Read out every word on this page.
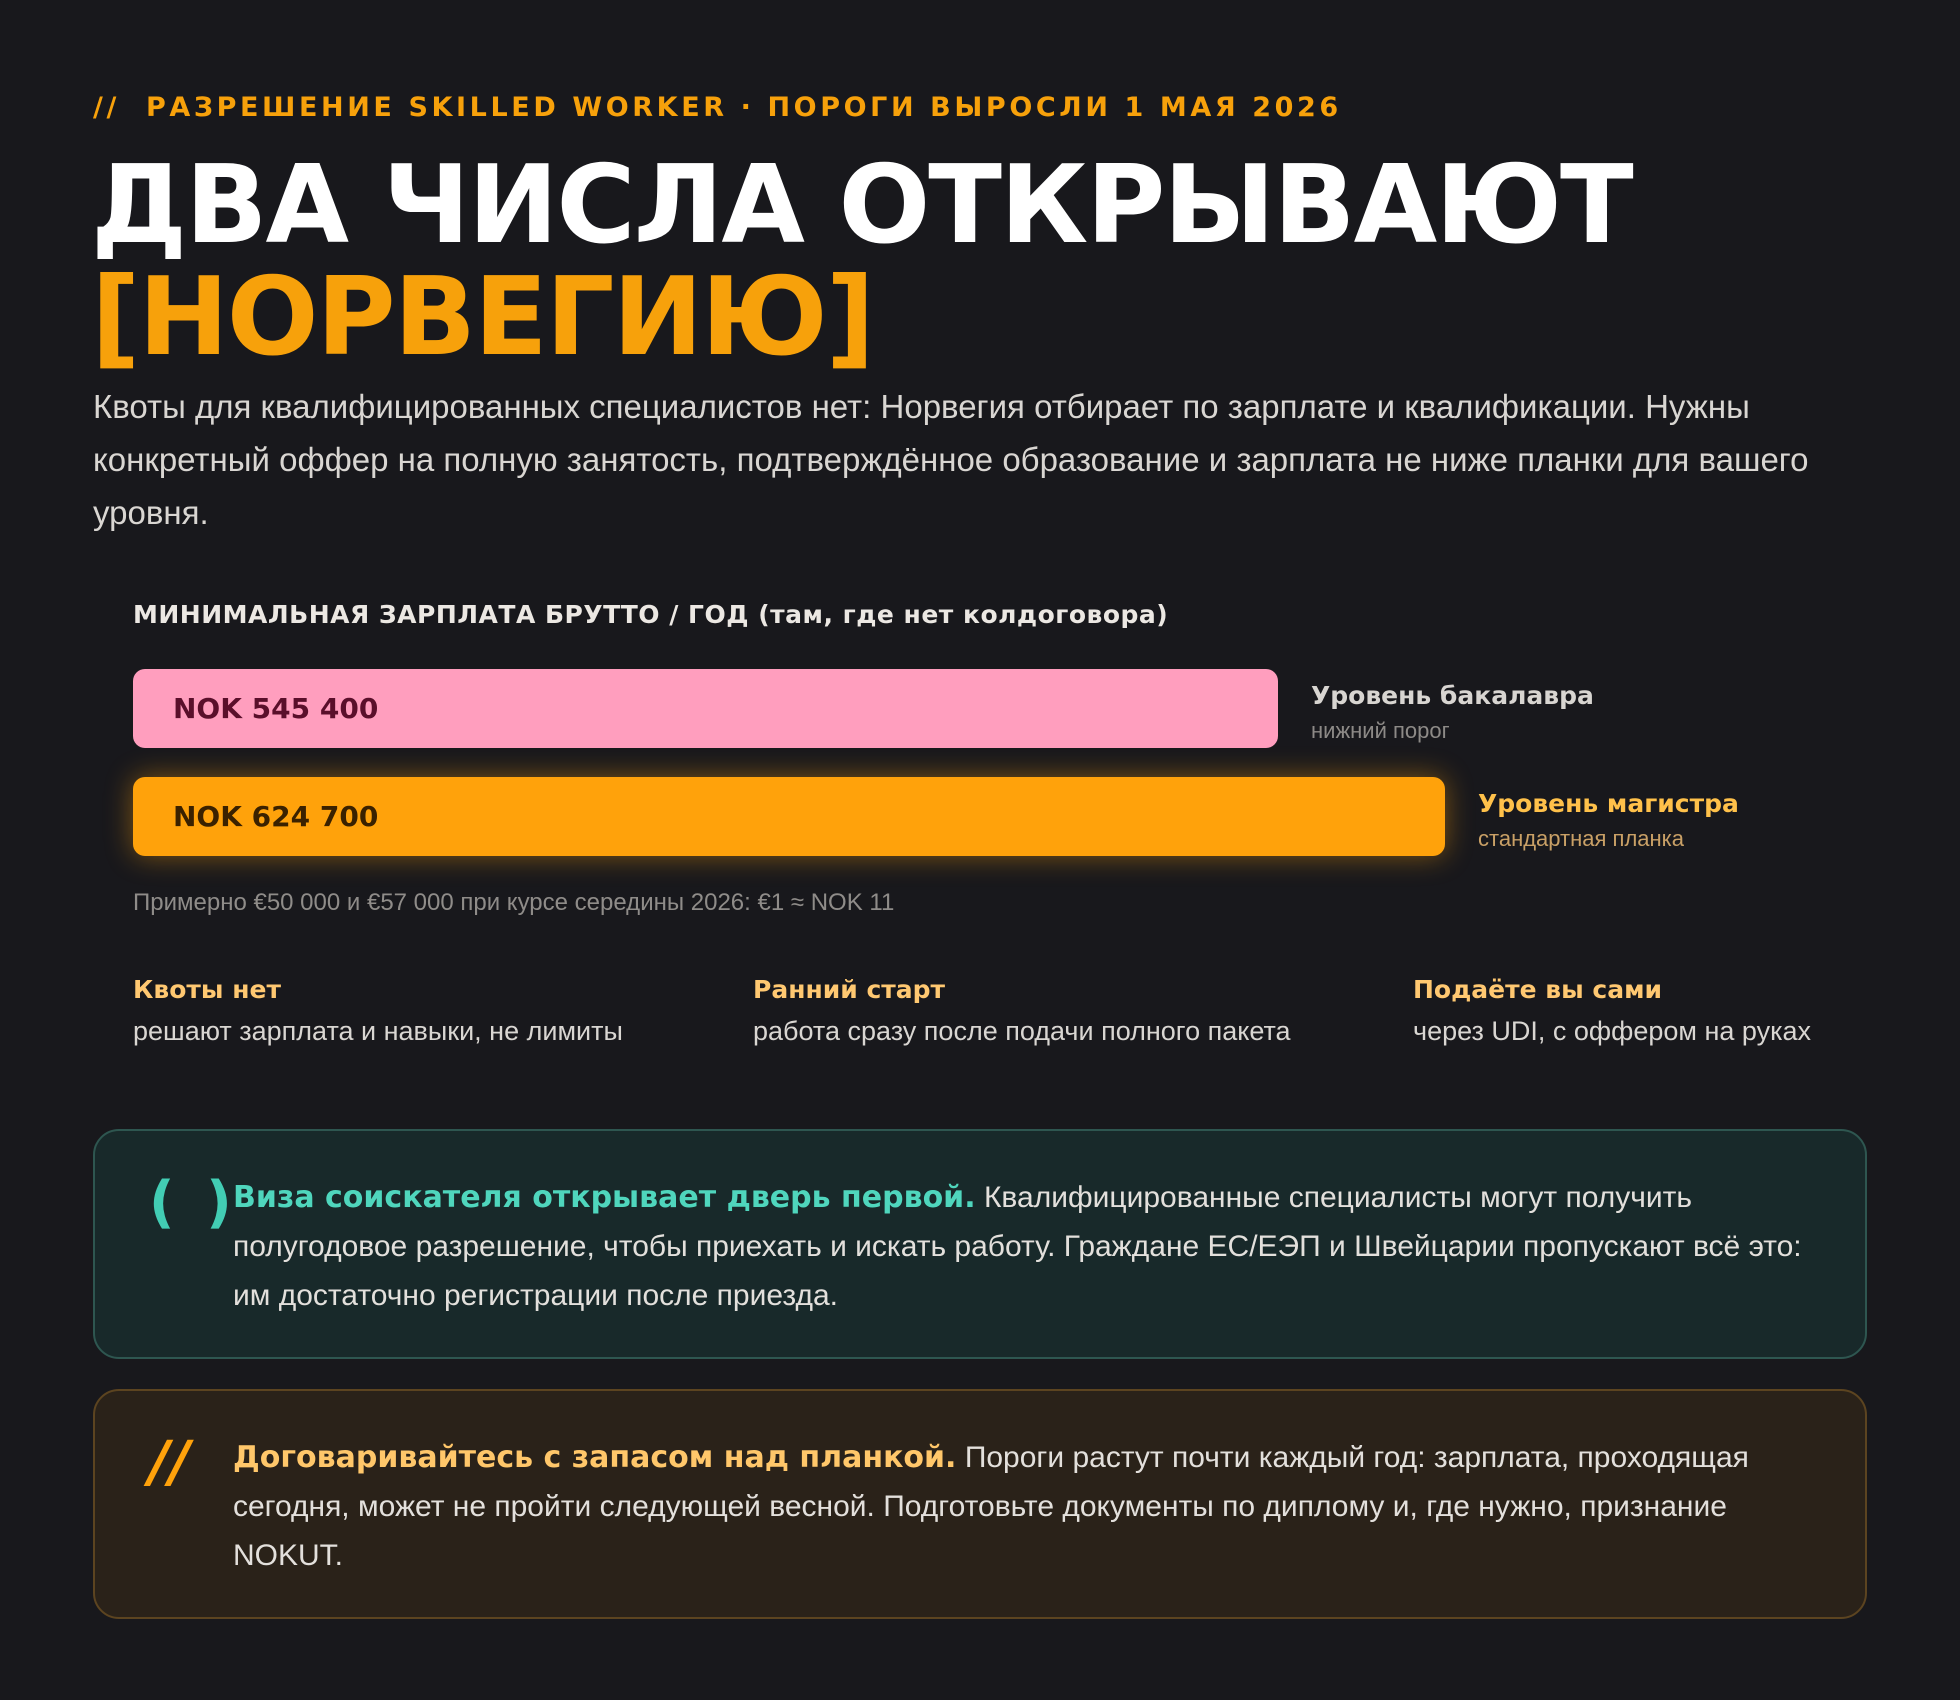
// РАЗРЕШЕНИЕ SKILLED WORKER · ПОРОГИ ВЫРОСЛИ 1 МАЯ 2026
ДВА ЧИСЛА ОТКРЫВАЮТ
[НОРВЕГИЮ]
Квоты для квалифицированных специалистов нет: Норвегия отбирает по зарплате и квалификации. Нужны конкретный оффер на полную занятость, подтверждённое образование и зарплата не ниже планки для вашего уровня.
МИНИМАЛЬНАЯ ЗАРПЛАТА БРУТТО / ГОД (там, где нет колдоговора)
NOK 545 400	Уровень бакалавра
нижний порог
NOK 624 700	Уровень магистра
стандартная планка
Примерно €50 000 и €57 000 при курсе середины 2026: €1 ≈ NOK 11
Квоты нет
решают зарплата и навыки, не лимиты
Ранний старт
работа сразу после подачи полного пакета
Подаёте вы сами
через UDI, с оффером на руках
( )
Виза соискателя открывает дверь первой. Квалифицированные специалисты могут получить полугодовое разрешение, чтобы приехать и искать работу. Граждане ЕС/ЕЭП и Швейцарии пропускают всё это: им достаточно регистрации после приезда.
// Договаривайтесь с запасом над планкой. Пороги растут почти каждый год: зарплата, проходящая сегодня, может не пройти следующей весной. Подготовьте документы по диплому и, где нужно, признание NOKUT.
